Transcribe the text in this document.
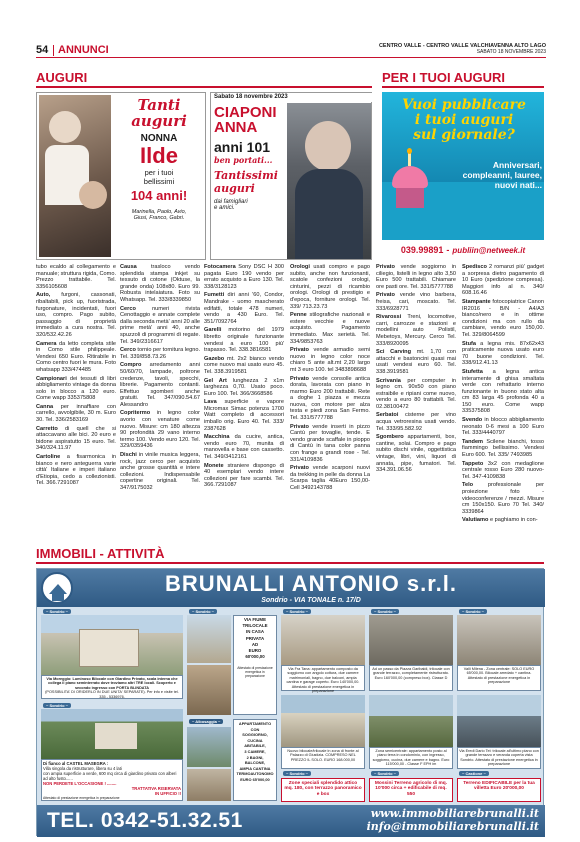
54 ANNUNCI	CENTRO VALLE - CENTRO VALLE VALCHIAVENNA ALTO LAGO
SABATO 18 NOVEMBRE 2023
AUGURI	PER I TUOI AUGURI
Tanti
auguri
NONNA
Ilde
per i tuoi
bellissimi
104 anni!
Marinella, Paolo, Avio,
Giusi, Franco, Gabri.
Sabato 18 novembre 2023
CIAPONI
ANNA
anni 101
ben portati...
Tantissimi
auguri
dai famigliari
e amici.
Vuoi pubblicare
i tuoi auguri
sul giornale?
Anniversari,
compleanni, lauree,
nuovi nati...
039.99891 - publiin@netweek.it

tubo ecaldo al collegamento e manuale; struttura rigida, Como. Prezzo trattabile. Tel. 3356105608

Auto, furgoni, cassonati, ribaltabili, pick up, fuoristrada, furgonature, incidentati, fuori uso, compro. Pago subito, passaggio di proprietà immediato a cura nostra. Tel. 320/532.42.26

Camera da letto completa stile in Como stile philippeale. Vendesi 650 Euro. Ritirabile in Como centro fuori le mura. Foto whatsapp 333/474485

Campionari dei tessuti di libri abbigliamento vintage da donna solo in blocco a 120 euro. Come wapp 335375808

Canna per innaffiare con carrello, avvolgibile, 30 m. Euro 30. Tel. 336/2583169

Carretto di quell che si attaccavano alle bici. 20 euro e bidone aspiratutto 15 euro. Tel. 340/324.11.97

Cartoline a fisarmonica in bianco e nero anteguerra varie città' Italiane e imperi italiano d'Etiopia, cedo a collezionisti. Tel. 366.7291087

Causa trasloco vendo splendida stampa inkjet su tessuto di cotone (Oktuse, la grande onda) 108x80. Euro 99. Robusta intelaiatura. Foto su Whatsapp. Tel. 333/8339850

Cerco numeri rivista Cenottaggio e annate complete dalla seconda metà' anni 20 alle prime metà' anni 40, anche spuzzoli di programmi di regate. Tel. 349/2316617

Cerco tornio per tornitura legno. Tel. 339/858.73.26

Compro arredamento anni 50/60/70, lampade, poltrone credenze, tavoli, specchi, librerie. Pagamento contanti. Effettuo sgomberi anche gratuiti. Tel. 347/090.54.67 Alessandro

Copritermo in legno color avorio con venature come nuovo. Misure: cm 180 altezza 90 profondità 29 vano interno termo 100. Vendo euro 120. Tel. 329/0359436

Dischi in vinile musica leggera, rock, jazz cerco per acquisto anche grosse quantità e intere collezioni. Indispensabile copertine originali. Tel. 347/9175032

Fotocamera Sony DSC H 300 pagata Euro 190 vendo per errato acquisto a Euro 130. Tel. 338/3128123

Fumetti diri anni '60, Condor, Mandrake - uomo mascherato edifatti, totale 478 numeri, vendo a 430 Euro. Tel. 351/7092764

Garelli motorino del 1979 libretto originale funzionante vendesi a euro 100 più' trapasso. Tel. 338.3816581

Gazebo mt. 2x2 bianco vendo come nuovo mai usato euro 45. Tel. 338.3919581

Gel Art lunghezza 2 x1m larghezza 0,70. Usato poco. Euro 100. Tel. 366/3668586

Lava superficie e vapore Micromax Simac potenza 1700 Watt completo di accessori imballo orig. Euro 40. Tel. 333/ 2387628

Macchina da cucire, antica, vendo euro 70, munita di manovella e base con cassetto. Tel. 349/3412161

Monete straniere dispongo di 40 esemplari vendo intere collezioni per fare scambi. Tel. 366.7291087

Orologi usati compro e pago subito, anche non funzionanti, scatole confezioni orologi, cinturini, pezzi di ricambio orologi. Orologi di prestigio e d'epoca, forniture orologi. Tel. 339/ 713.23.73

Penne stilografiche nazionali e estere vecchie e nuove acquisto. Pagamento immediato. Max serietà. Tel. 334/9853763

Privato vende armadio semi nuovo in legno color noce chiaro 5 ante alt.mt 2,20 largo mt 3 euro 100. tel 3483898688

Privato vende consolle antica dorata, lavorata con piano in marmo Euro 200 trattabili. Rete a doghe 1 piazza e mezza nuova, con motore per alza testa e piedi zona San Fermo. Tel. 331/5777788

Privato vende inserti in pizzo Cantù per tovaglie, tende. E vendo grande scaffale in pioppo di Cantù in tana color panna con frange a grandi rose - Tel. 331/4109836

Privato vende scarponi nuovi da trekking in pelle da donna La Scarpa taglia 40Euro 150,00- Cell 3492143788

Privato vende soggiorno in ciliegio, listelli in legno alto 3,50 Euro 500 trattabili. Chiamare ore pasti ore. Tel. 331/5777788

Privato vende vino barbera, freisa, cari, moscato. Tel. 333/6928771

Rivarossi Treni, locomotive, carri, carrozze e stazioni e modellini auto Polistil, Mebetoys, Mercury. Cerco Tel. 333/8920095

Sci Carving mt. 1,70 con attacchi e bastoncini quasi mai usati vendesi euro 60. Tel. 338.3919581

Scrivania per computer in legno cm. 90x50 con piano estraibile e ripiani come nuovo, vendo a euro 80 trattabili. Tel. 02.38100472

Serbatoi cisterne per vino acqua vetroresina usati vendo. Tel. 333/95.582.92

Sgombero appartamenti, box, cantine, solai. Compro e pago subito dischi vinile, oggettistica vintage, libri, vini, liquori di annata, pipe, fumatori. Tel. 334.391.06.56

Spedisco 2 romanzi più' gadget a sorpresa dietro pagamento di 10 Euro (spedizione compresa). Maggiori info al n. 340/ 608.16.46

Stampante fotocopiatrice Canon IR2016 - B/N - A4/A3 bianco/nero e in ottime condizioni ma con rullo da cambiare, vendo euro 150,00. Tel. 329/8064599

Stufa a legna mis. 87x62x43 praticamente nuova usato euro 70 buone condizioni. Tel. 338/912.41.13

Stufetta a legna antica interamente di ghisa smaltata verde con refrattario interno funzionante in buono stato alta cm 83 larga 45 profonda 40 a 150 euro. Come wapp 335375808

Svendo in blocco abbigliamento neonato 0-6 mesi a 100 Euro Tel. 333/4440797

Tandem Scilene bianchi, tosso fiammingo bellissimo. Vendesi Euro 600. Tel. 335/ 7493985

Tappeto 3x2 con medaglione centrale rosso Euro 280 nuovo- Tel. 347-4109838

Telo professionale per proiezione foto - videoconferenze / mezzi. Misure cm 150x150. Euro 70 Tel. 340/ 3339864

Valutiamo e paghiamo in con-

IMMOBILI - ATTIVITÀ
BRUNALLI ANTONIO s.r.l.
Sondrio - VIA TONALE n. 17/D
~ Sondrio ~
Via Moreggio: Luminoso Bilocale con Giardino Privato, scala interna che collega il piano seminterrato dove troviamo altri TRE locali. Scoperto e secondo ingresso con PORTA BLINDATA
(POSSIBILITA' DI ORIDERLO IN DUE UNITA' SEPARATE). Per info e visite tel. 335 - 5336976.
~ Sondrio ~
Di fianco al CASTEL MASEGRA :
Villa singola da ristrutturare, libera su 4 lati
con ampia superficie a verde, 600 mq circa di giardino privato con alberi ad alto fusto......
NON PERDETE L'OCCASIONE ! ........
TRATTATIVA RISERVATA
IN UFFICIO !!
Attestato di prestazione energetica in preparazione
~ Sondrio ~
VIA FIUME
TRILOCALE
IN CASA
PRIVATA
AD
EURO
60'000,00
Attestato di prestazione energetica in preparazione
~ Albosaggia ~	APPARTAMENTO
CON
SOGGIORNO,
CUCINA
ABITABILE,
3 CAMERE,
2 BAGNI,
BALCONE,
AMPIA CANTINA
TERMOAUTONOMO
EURO 65'000,00
~ Sondrio ~
Via Fra Tana: appartamento composto da soggiorno con angolo cottura, due camere matrimoniali, bagno, due balconi, ampia cantina e garage coperto. Euro 140'000,00. Attestato di prestazione energetica in preparazione
~ Sondrio ~
Ad un passo da Piazza Garibaldi, trilocale con grande terrazzo, completamente ristrutturato. Euro 160'000,00 (compreso box). Classe D
~ Sondrio ~
Valli Milena - Zona centrale: SOLO EURO 65'000,00. Bilocale arredato + cantina. Attestato di prestazione energetica in preparazione
Nuovo bilocale/trilocale in zona di fronte al Palazzo di Giustizia. COMPRESO NEL PREZZO IL SOLO. EURO 168.000,00
Zona semicentrale: appartamento posto al piano terra in condominio, con ingresso, soggiorno, cucina, due camere e bagno. Euro 115'000,00 - Classe F EPH im
Via Eredi Dario Tel: trilocale all'ultimo piano con grande terrazzo e veranda coperta vista Sondrio. Attestato di prestazione energetica in preparazione
~ Sondrio ~
Zone speciali splendido attico mq. 180, con terrazzo panoramico e box
~ Sondrio ~
Mossini Terreno agricolo di mq. 10'000 circa + edificabile di mq. 550
~ Castione ~
Terreno EDIFICABILE per la tua villetta Euro 20'000,00
TEL. 0342-51.32.51	www.immobiliarebrunalli.it
info@immobiliarebrunalli.it
